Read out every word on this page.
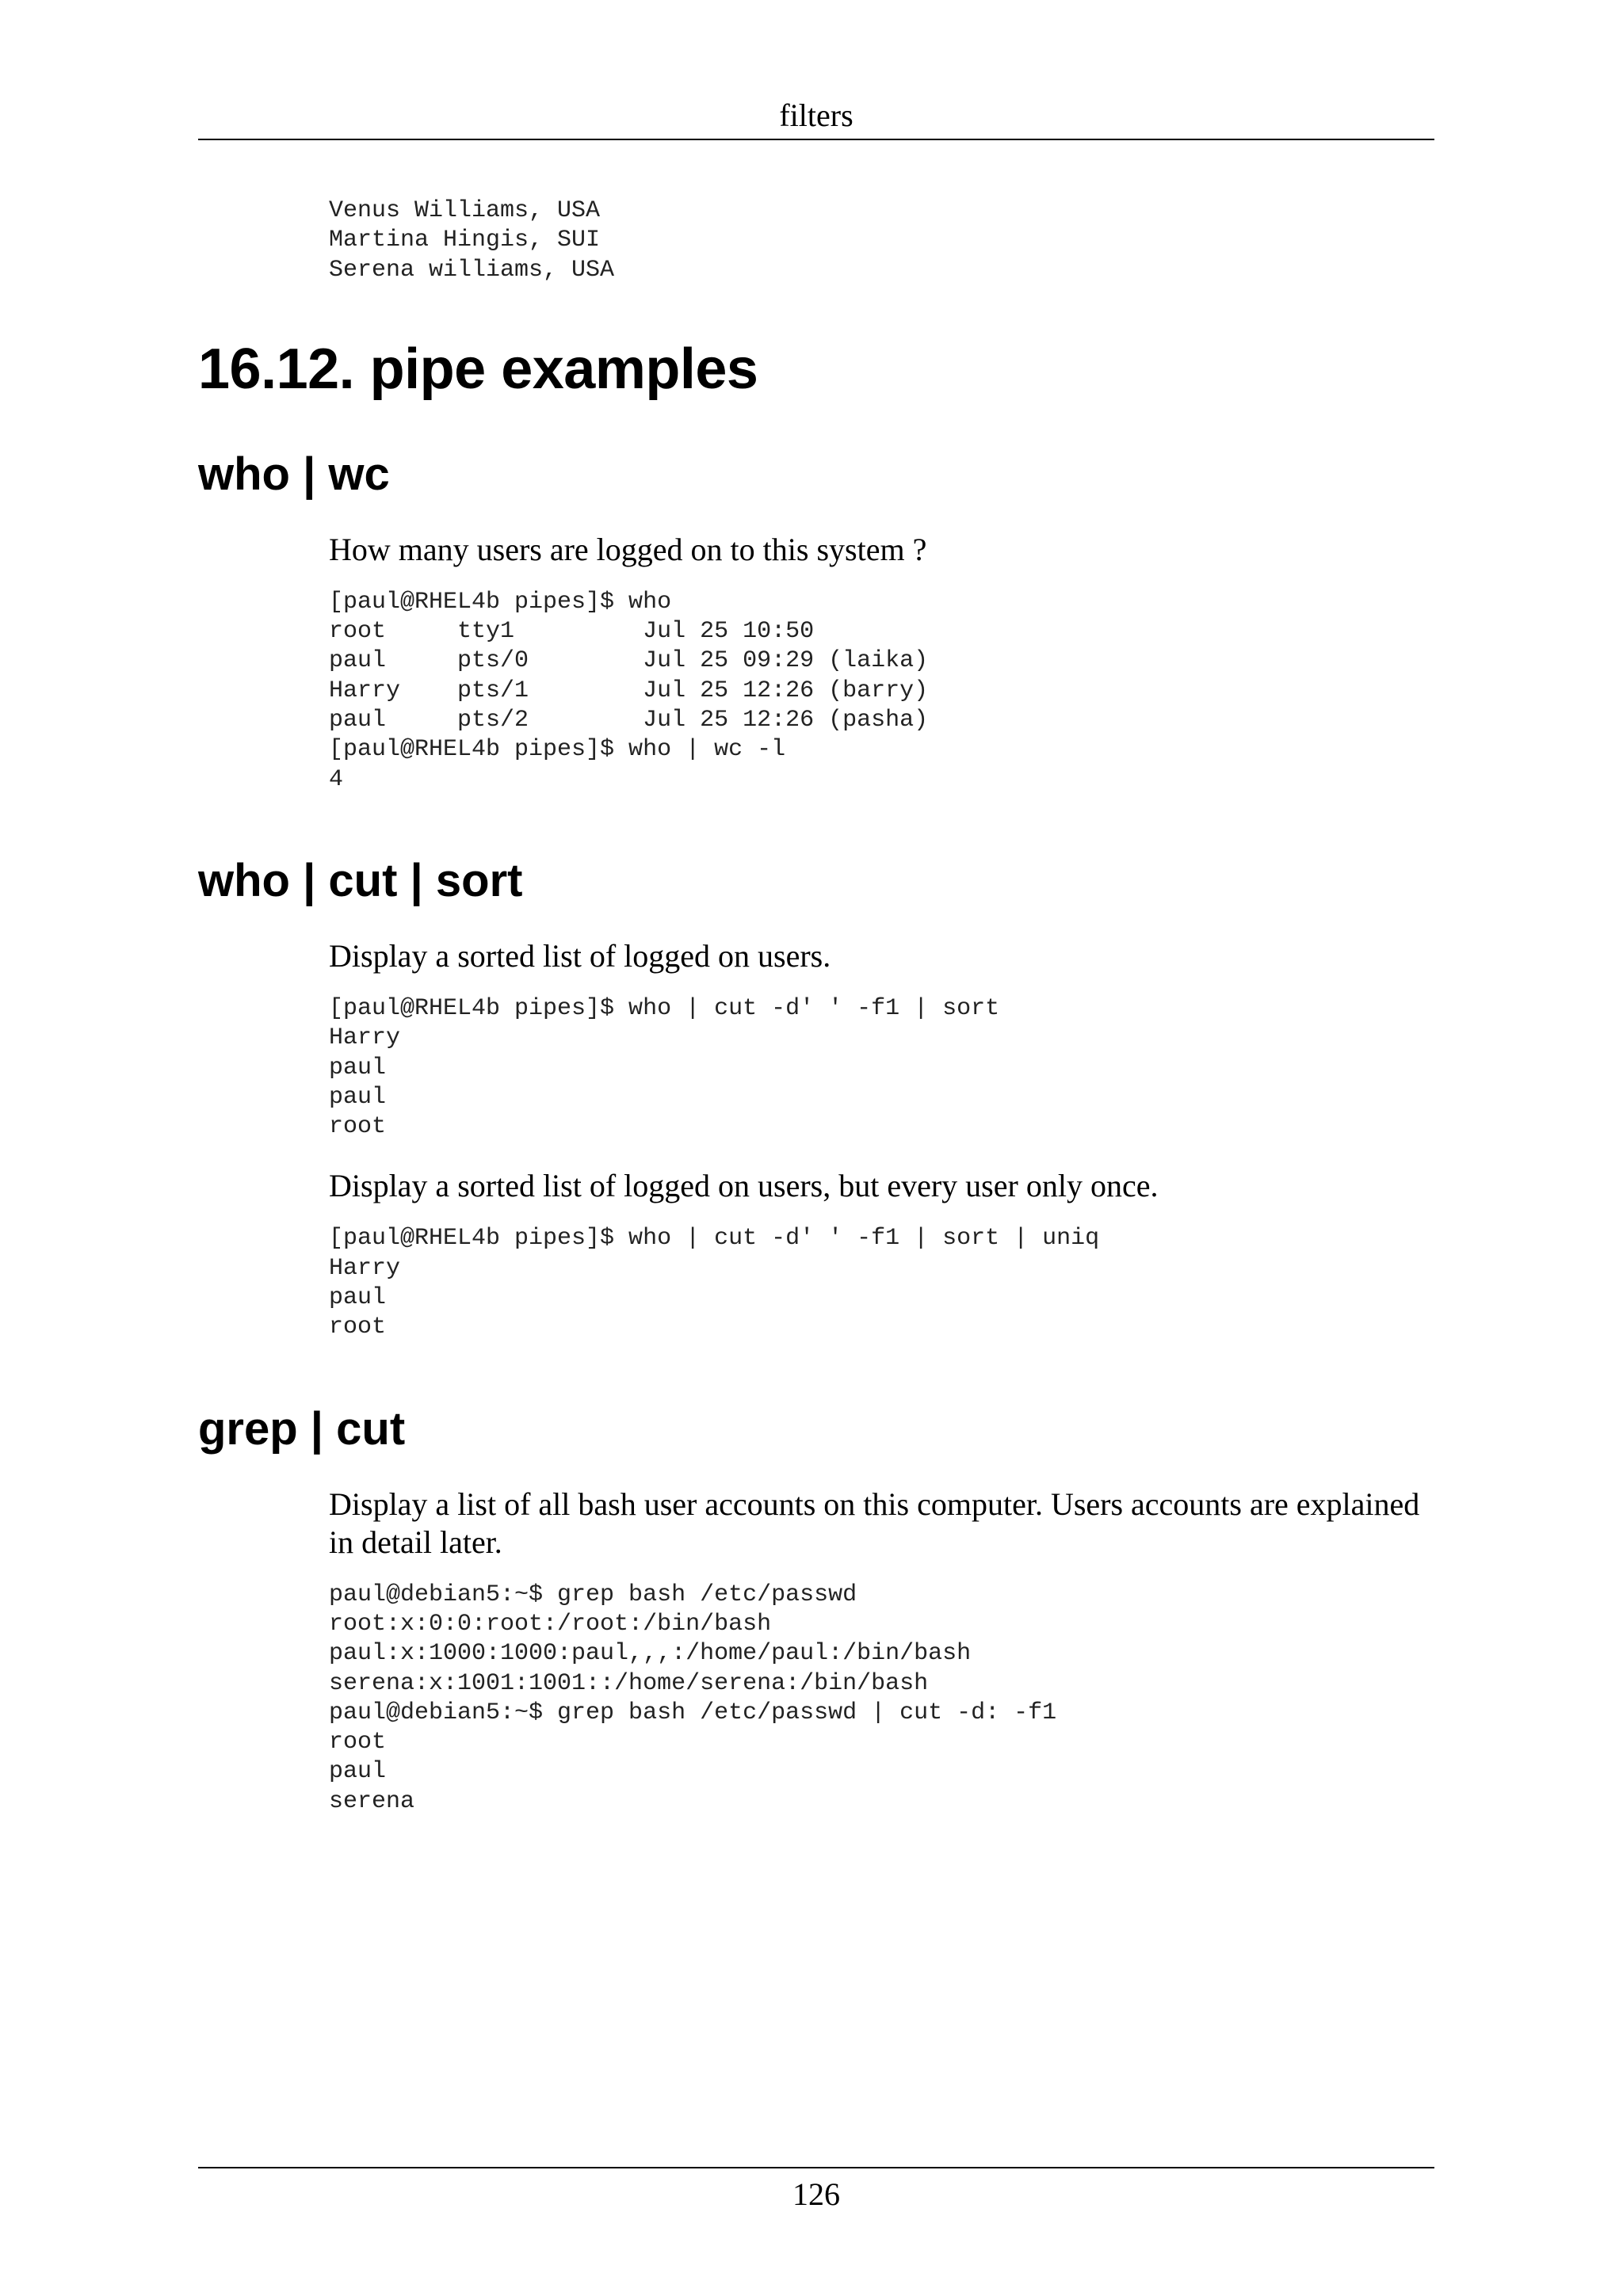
filters
Venus Williams, USA
Martina Hingis, SUI
Serena williams, USA
16.12. pipe examples
who | wc

How many users are logged on to this system ?

[paul@RHEL4b pipes]$ who
root     tty1         Jul 25 10:50
paul     pts/0        Jul 25 09:29 (laika)
Harry    pts/1        Jul 25 12:26 (barry)
paul     pts/2        Jul 25 12:26 (pasha)
[paul@RHEL4b pipes]$ who | wc -l
4
who | cut | sort

Display a sorted list of logged on users.

[paul@RHEL4b pipes]$ who | cut -d' ' -f1 | sort
Harry
paul
paul
root

Display a sorted list of logged on users, but every user only once.

[paul@RHEL4b pipes]$ who | cut -d' ' -f1 | sort | uniq
Harry
paul
root
grep | cut

Display a list of all bash user accounts on this computer. Users accounts are explained in detail later.

paul@debian5:~$ grep bash /etc/passwd
root:x:0:0:root:/root:/bin/bash
paul:x:1000:1000:paul,,,:/home/paul:/bin/bash
serena:x:1001:1001::/home/serena:/bin/bash
paul@debian5:~$ grep bash /etc/passwd | cut -d: -f1
root
paul
serena
126
